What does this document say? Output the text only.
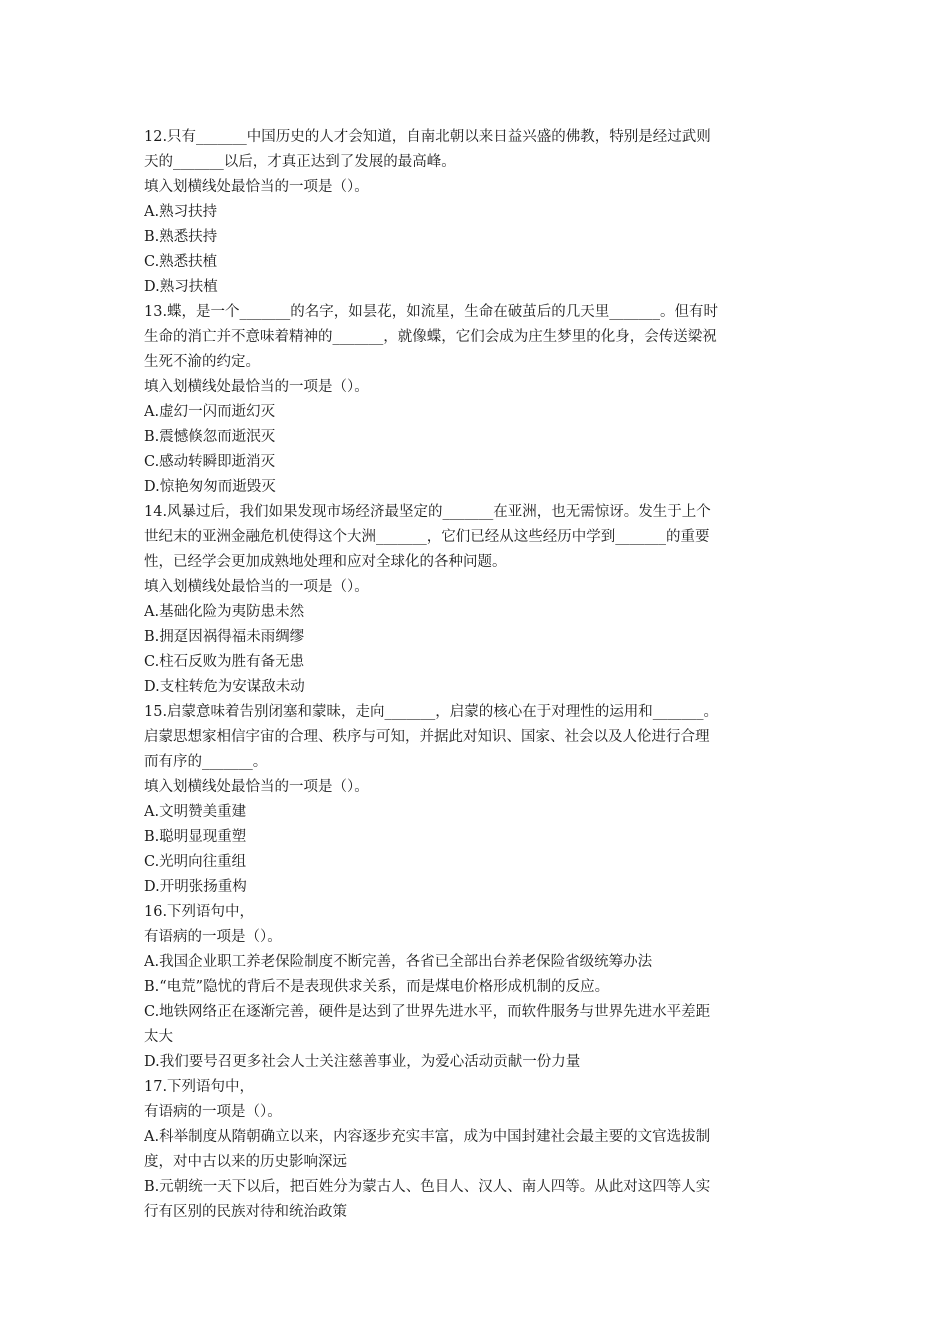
12.只有_______中国历史的人才会知道，自南北朝以来日益兴盛的佛教，特别是经过武则
天的_______以后，才真正达到了发展的最高峰。
填入划横线处最恰当的一项是（）。
A.熟习扶持
B.熟悉扶持
C.熟悉扶植
D.熟习扶植
13.蝶，是一个_______的名字，如昙花，如流星，生命在破茧后的几天里_______。但有时
生命的消亡并不意味着精神的_______，就像蝶，它们会成为庄生梦里的化身，会传送梁祝
生死不渝的约定。
填入划横线处最恰当的一项是（）。
A.虚幻一闪而逝幻灭
B.震憾倏忽而逝泯灭
C.感动转瞬即逝消灭
D.惊艳匆匆而逝毁灭
14.风暴过后，我们如果发现市场经济最坚定的_______在亚洲，也无需惊讶。发生于上个
世纪末的亚洲金融危机使得这个大洲_______，它们已经从这些经历中学到_______的重要
性，已经学会更加成熟地处理和应对全球化的各种问题。
填入划横线处最恰当的一项是（）。
A.基础化险为夷防患未然
B.拥趸因祸得福未雨绸缪
C.柱石反败为胜有备无患
D.支柱转危为安谋敌未动
15.启蒙意味着告别闭塞和蒙昧，走向_______，启蒙的核心在于对理性的运用和_______。
启蒙思想家相信宇宙的合理、秩序与可知，并据此对知识、国家、社会以及人伦进行合理
而有序的_______。
填入划横线处最恰当的一项是（）。
A.文明赞美重建
B.聪明显现重塑
C.光明向往重组
D.开明张扬重构
16.下列语句中，
有语病的一项是（）。
A.我国企业职工养老保险制度不断完善，各省已全部出台养老保险省级统筹办法
B.“电荒”隐忧的背后不是表现供求关系，而是煤电价格形成机制的反应。
C.地铁网络正在逐渐完善，硬件是达到了世界先进水平，而软件服务与世界先进水平差距
太大
D.我们要号召更多社会人士关注慈善事业，为爱心活动贡献一份力量
17.下列语句中，
有语病的一项是（）。
A.科举制度从隋朝确立以来，内容逐步充实丰富，成为中国封建社会最主要的文官选拔制
度，对中古以来的历史影响深远
B.元朝统一天下以后，把百姓分为蒙古人、色目人、汉人、南人四等。从此对这四等人实
行有区别的民族对待和统治政策
